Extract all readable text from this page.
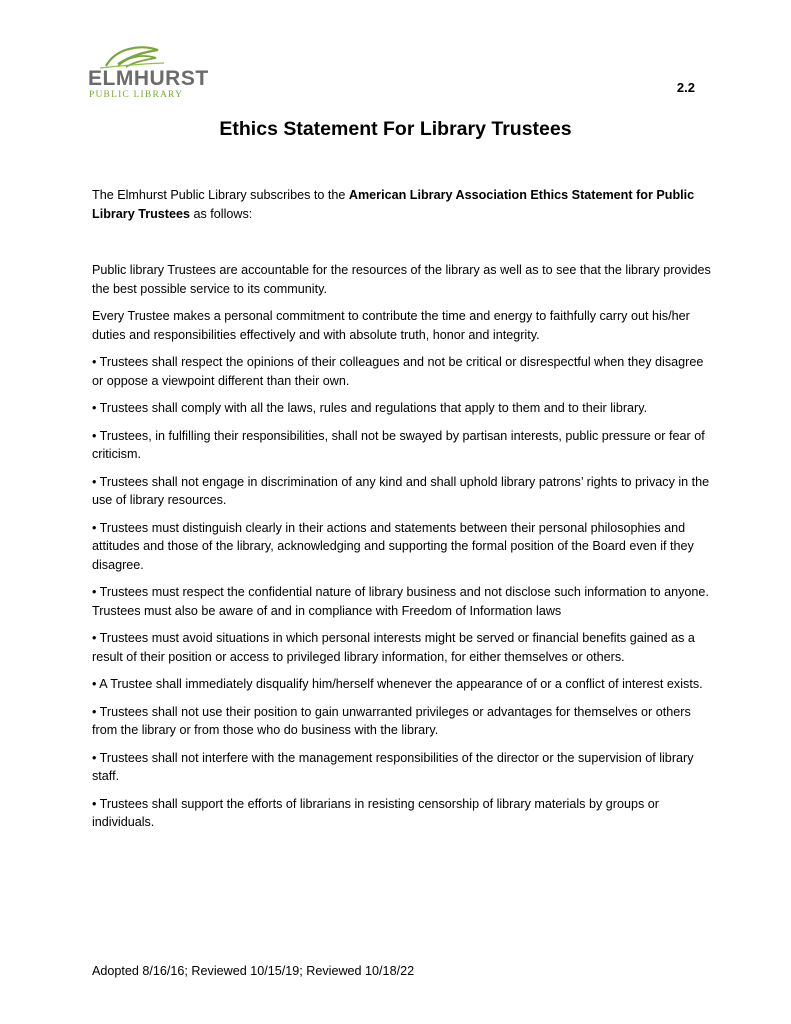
ELMHURST
PUBLIC LIBRARY	2.2
Ethics Statement For Library Trustees

The Elmhurst Public Library subscribes to the American Library Association Ethics Statement for Public Library Trustees as follows:

Public library Trustees are accountable for the resources of the library as well as to see that the library provides the best possible service to its community.

Every Trustee makes a personal commitment to contribute the time and energy to faithfully carry out his/her duties and responsibilities effectively and with absolute truth, honor and integrity.

• Trustees shall respect the opinions of their colleagues and not be critical or disrespectful when they disagree or oppose a viewpoint different than their own.

• Trustees shall comply with all the laws, rules and regulations that apply to them and to their library.

• Trustees, in fulfilling their responsibilities, shall not be swayed by partisan interests, public pressure or fear of criticism.

• Trustees shall not engage in discrimination of any kind and shall uphold library patrons’ rights to privacy in the use of library resources.

• Trustees must distinguish clearly in their actions and statements between their personal philosophies and attitudes and those of the library, acknowledging and supporting the formal position of the Board even if they disagree.

• Trustees must respect the confidential nature of library business and not disclose such information to anyone. Trustees must also be aware of and in compliance with Freedom of Information laws

• Trustees must avoid situations in which personal interests might be served or financial benefits gained as a result of their position or access to privileged library information, for either themselves or others.

• A Trustee shall immediately disqualify him/herself whenever the appearance of or a conflict of interest exists.

• Trustees shall not use their position to gain unwarranted privileges or advantages for themselves or others from the library or from those who do business with the library.

• Trustees shall not interfere with the management responsibilities of the director or the supervision of library staff.

• Trustees shall support the efforts of librarians in resisting censorship of library materials by groups or individuals.

Adopted 8/16/16; Reviewed 10/15/19; Reviewed 10/18/22
